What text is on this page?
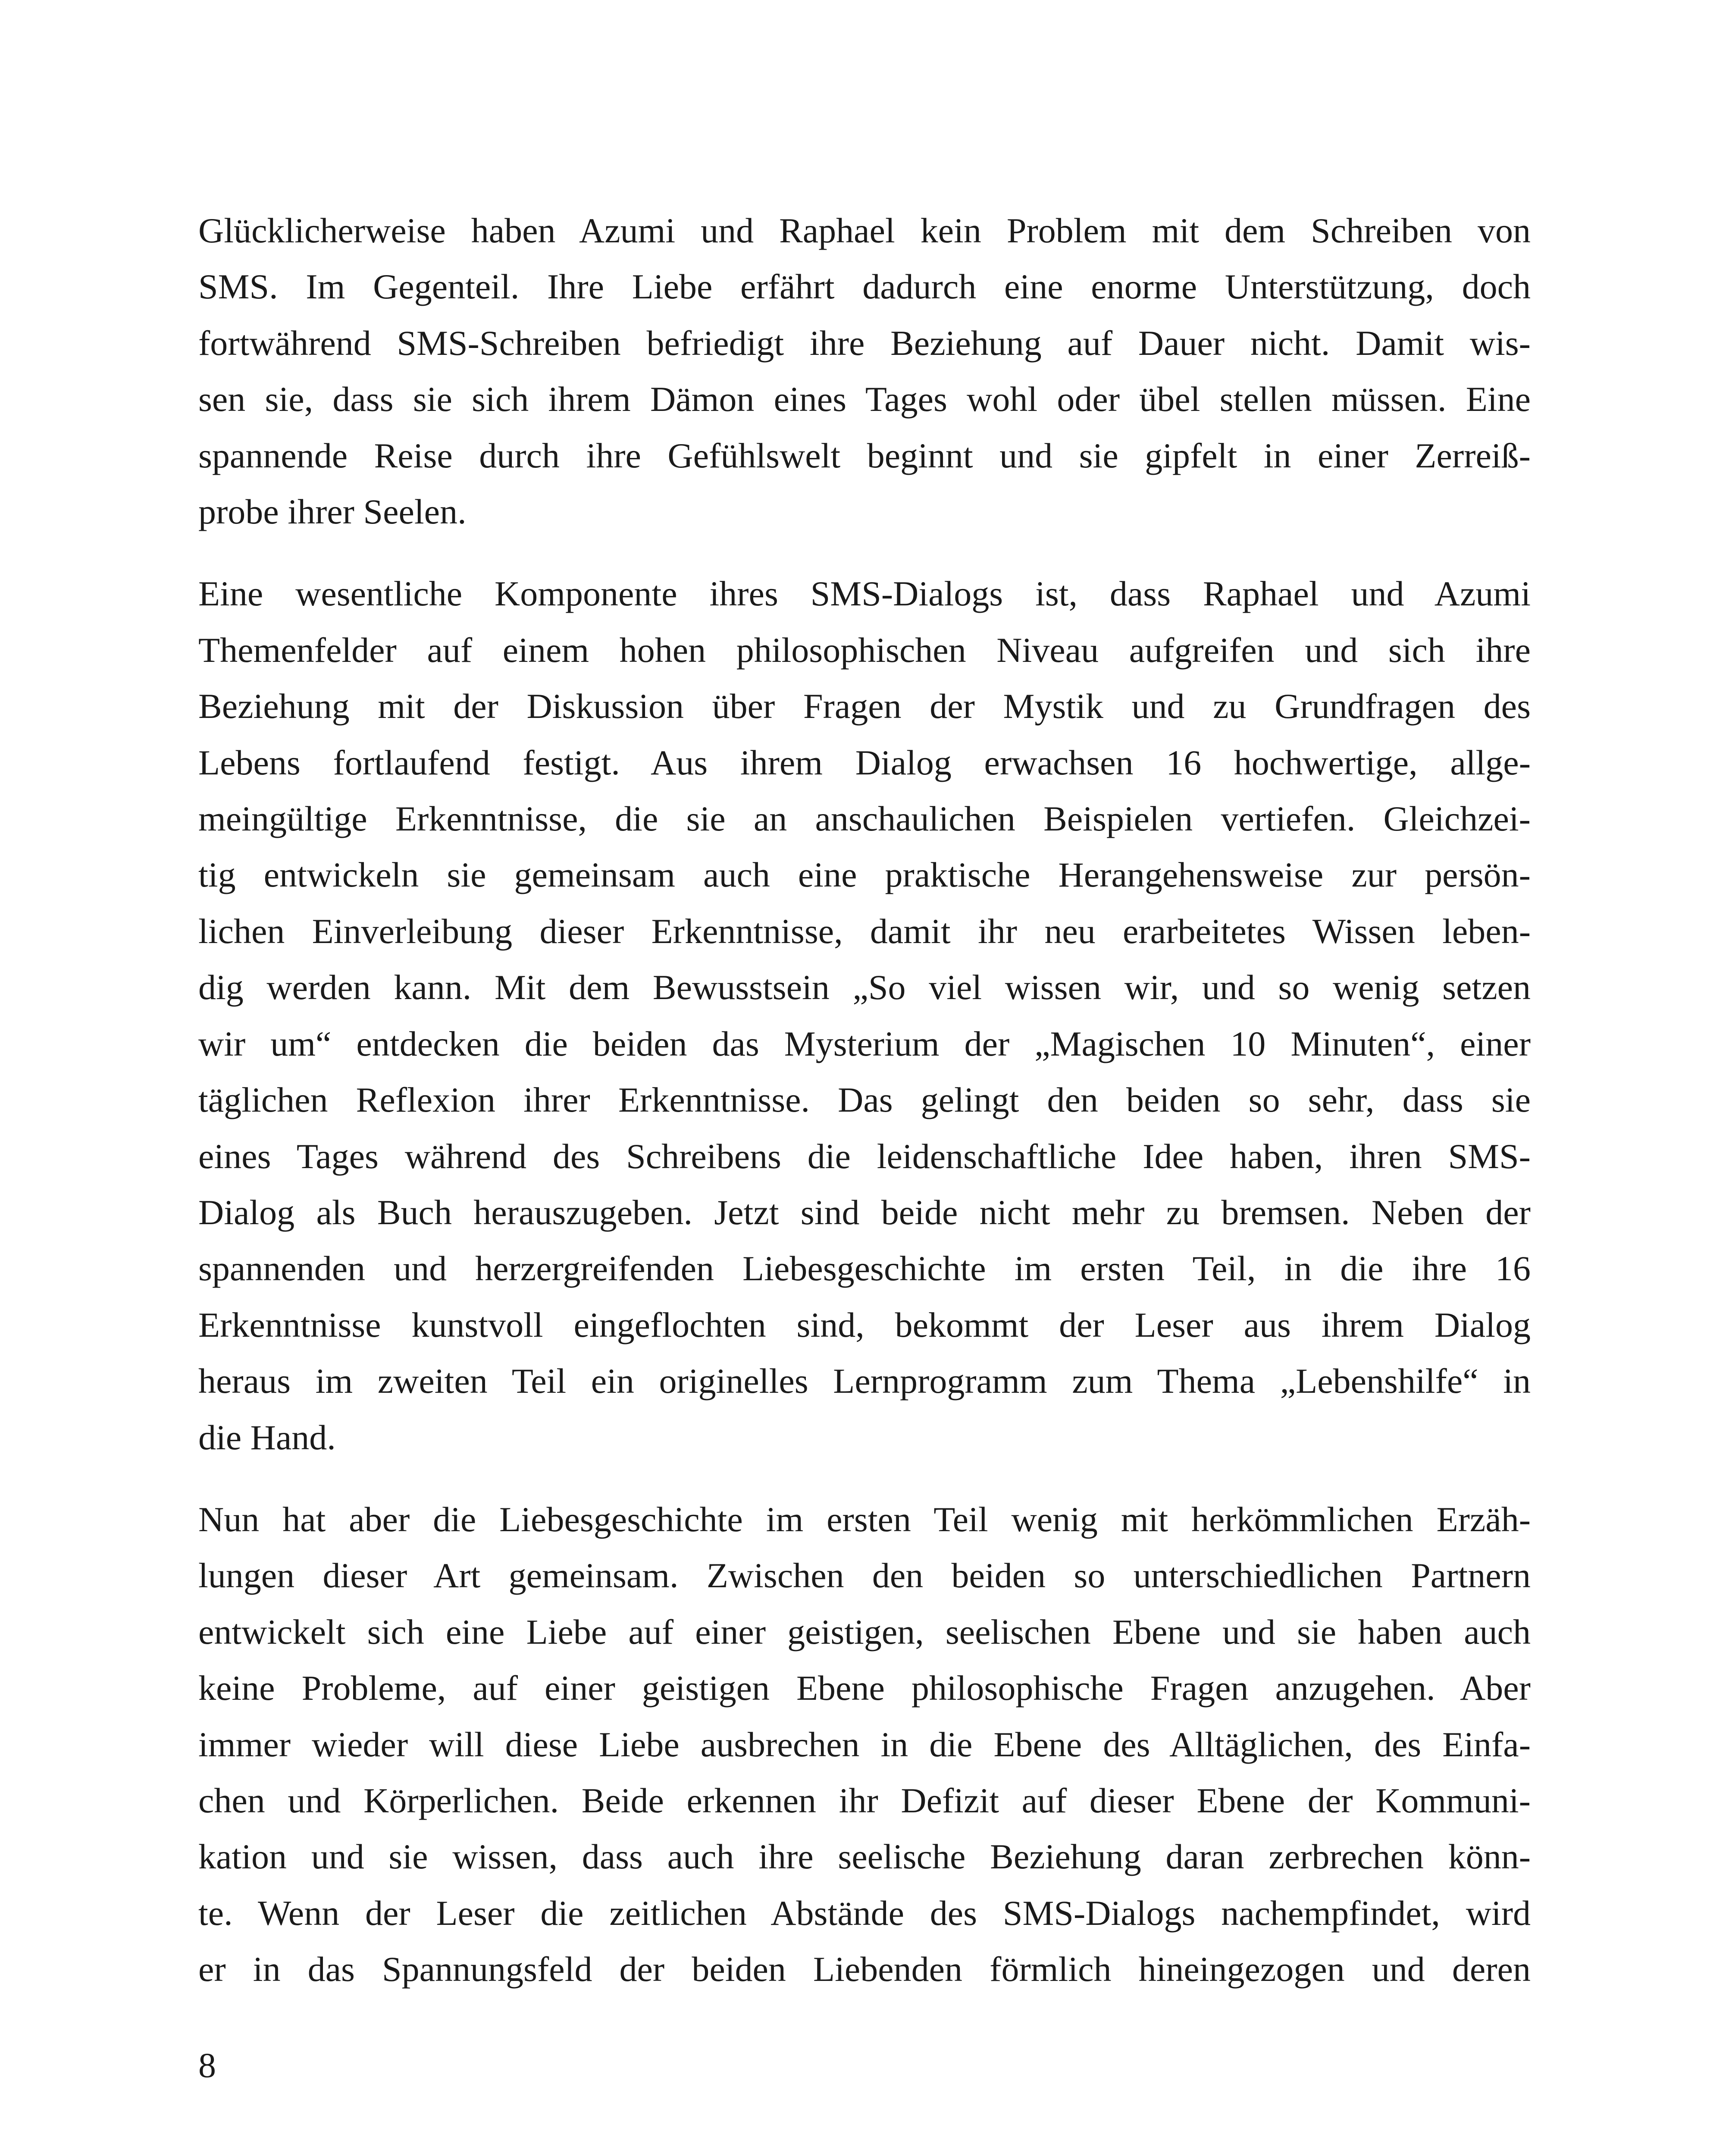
Glücklicherweise haben Azumi und Raphael kein Problem mit dem Schreiben von
SMS. Im Gegenteil. Ihre Liebe erfährt dadurch eine enorme Unterstützung, doch
fortwährend SMS-Schreiben befriedigt ihre Beziehung auf Dauer nicht. Damit wis-
sen sie, dass sie sich ihrem Dämon eines Tages wohl oder übel stellen müssen. Eine
spannende Reise durch ihre Gefühlswelt beginnt und sie gipfelt in einer Zerreiß-
probe ihrer Seelen.
Eine wesentliche Komponente ihres SMS-Dialogs ist, dass Raphael und Azumi
Themenfelder auf einem hohen philosophischen Niveau aufgreifen und sich ihre
Beziehung mit der Diskussion über Fragen der Mystik und zu Grundfragen des
Lebens fortlaufend festigt. Aus ihrem Dialog erwachsen 16 hochwertige, allge-
meingültige Erkenntnisse, die sie an anschaulichen Beispielen vertiefen. Gleichzei-
tig entwickeln sie gemeinsam auch eine praktische Herangehensweise zur persön-
lichen Einverleibung dieser Erkenntnisse, damit ihr neu erarbeitetes Wissen leben-
dig werden kann. Mit dem Bewusstsein „So viel wissen wir, und so wenig setzen
wir um“ entdecken die beiden das Mysterium der „Magischen 10 Minuten“, einer
täglichen Reflexion ihrer Erkenntnisse. Das gelingt den beiden so sehr, dass sie
eines Tages während des Schreibens die leidenschaftliche Idee haben, ihren SMS-
Dialog als Buch herauszugeben. Jetzt sind beide nicht mehr zu bremsen. Neben der
spannenden und herzergreifenden Liebesgeschichte im ersten Teil, in die ihre 16
Erkenntnisse kunstvoll eingeflochten sind, bekommt der Leser aus ihrem Dialog
heraus im zweiten Teil ein originelles Lernprogramm zum Thema „Lebenshilfe“ in
die Hand.
Nun hat aber die Liebesgeschichte im ersten Teil wenig mit herkömmlichen Erzäh-
lungen dieser Art gemeinsam. Zwischen den beiden so unterschiedlichen Partnern
entwickelt sich eine Liebe auf einer geistigen, seelischen Ebene und sie haben auch
keine Probleme, auf einer geistigen Ebene philosophische Fragen anzugehen. Aber
immer wieder will diese Liebe ausbrechen in die Ebene des Alltäglichen, des Einfa-
chen und Körperlichen. Beide erkennen ihr Defizit auf dieser Ebene der Kommuni-
kation und sie wissen, dass auch ihre seelische Beziehung daran zerbrechen könn-
te. Wenn der Leser die zeitlichen Abstände des SMS-Dialogs nachempfindet, wird
er in das Spannungsfeld der beiden Liebenden förmlich hineingezogen und deren
8
